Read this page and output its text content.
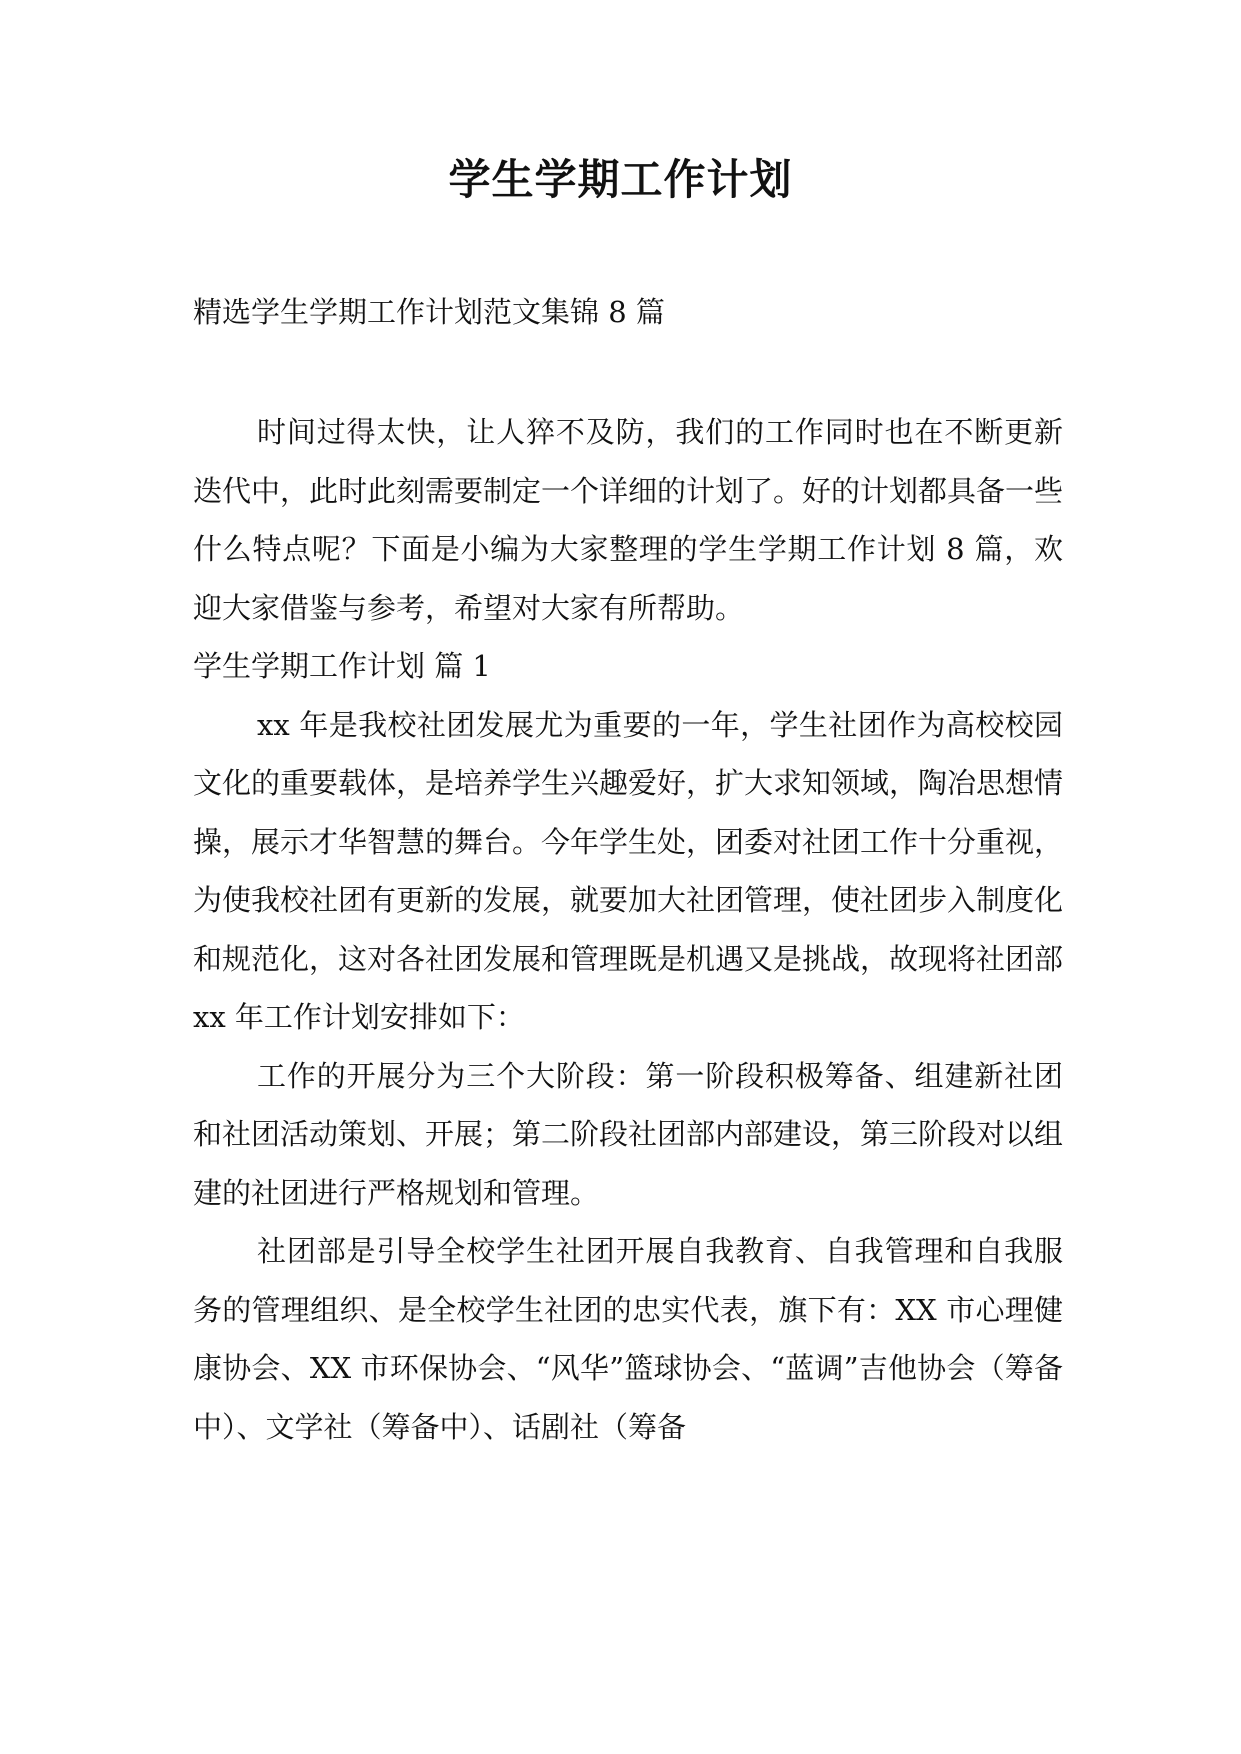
学生学期工作计划

精选学生学期工作计划范文集锦 8 篇

时间过得太快，让人猝不及防，我们的工作同时也在不断更新迭代中，此时此刻需要制定一个详细的计划了。好的计划都具备一些什么特点呢？下面是小编为大家整理的学生学期工作计划 8 篇，欢迎大家借鉴与参考，希望对大家有所帮助。

学生学期工作计划 篇 1

xx 年是我校社团发展尤为重要的一年，学生社团作为高校校园文化的重要载体，是培养学生兴趣爱好，扩大求知领域，陶冶思想情操，展示才华智慧的舞台。今年学生处，团委对社团工作十分重视，为使我校社团有更新的发展，就要加大社团管理，使社团步入制度化和规范化，这对各社团发展和管理既是机遇又是挑战，故现将社团部 xx 年工作计划安排如下：

工作的开展分为三个大阶段：第一阶段积极筹备、组建新社团和社团活动策划、开展；第二阶段社团部内部建设，第三阶段对以组建的社团进行严格规划和管理。

社团部是引导全校学生社团开展自我教育、自我管理和自我服务的管理组织、是全校学生社团的忠实代表，旗下有：XX 市心理健康协会、XX 市环保协会、“风华”篮球协会、“蓝调”吉他协会（筹备中）、文学社（筹备中）、话剧社（筹备
